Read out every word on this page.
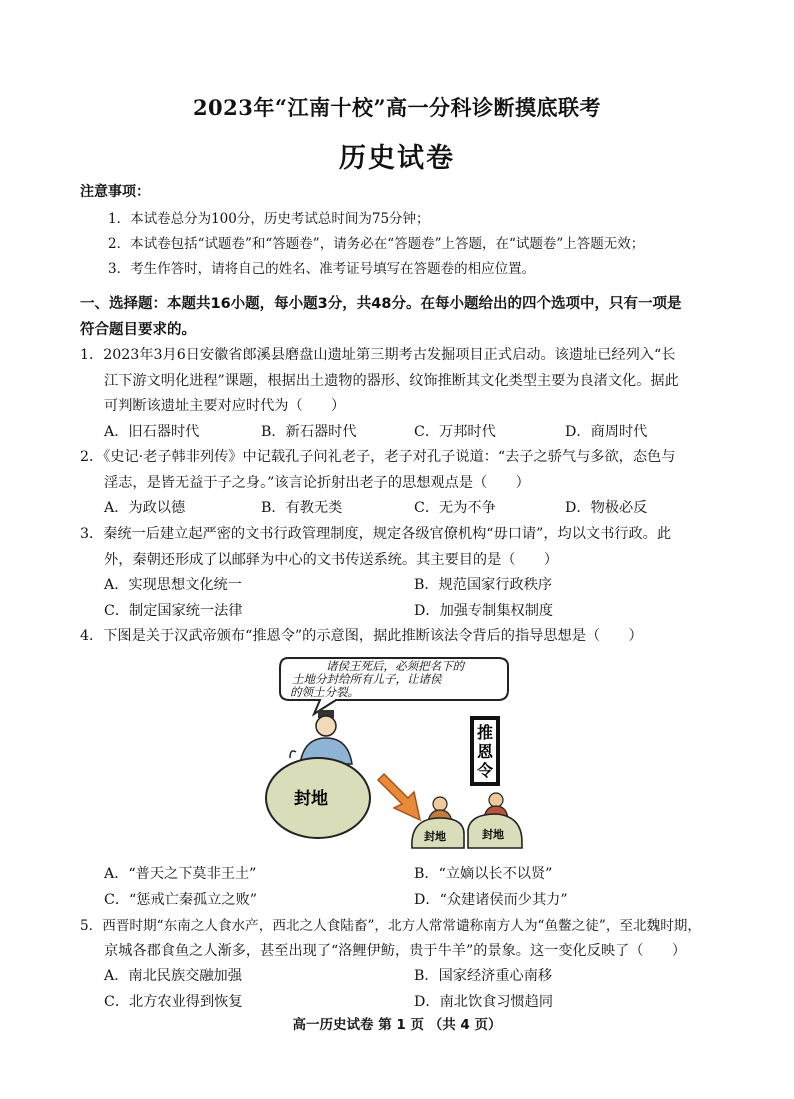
2023年“江南十校”高一分科诊断摸底联考
历史试卷
注意事项：
1．本试卷总分为100分，历史考试总时间为75分钟；
2．本试卷包括“试题卷”和“答题卷”，请务必在“答题卷”上答题，在“试题卷”上答题无效；
3．考生作答时，请将自己的姓名、准考证号填写在答题卷的相应位置。
一、选择题：本题共16小题，每小题3分，共48分。在每小题给出的四个选项中，只有一项是
符合题目要求的。
1．2023年3月6日安徽省郎溪县磨盘山遗址第三期考古发掘项目正式启动。该遗址已经列入“长
江下游文明化进程”课题，根据出土遗物的器形、纹饰推断其文化类型主要为良渚文化。据此
可判断该遗址主要对应时代为（　　）
A．旧石器时代	B．新石器时代	C．万邦时代	D．商周时代
2．《史记·老子韩非列传》中记载孔子问礼老子，老子对孔子说道：“去子之骄气与多欲，态色与
淫志，是皆无益于子之身。”该言论折射出老子的思想观点是（　　）
A．为政以德	B．有教无类	C．无为不争	D．物极必反
3．秦统一后建立起严密的文书行政管理制度，规定各级官僚机构“毋口请”，均以文书行政。此
外，秦朝还形成了以邮驿为中心的文书传送系统。其主要目的是（　　）
A．实现思想文化统一	B．规范国家行政秩序
C．制定国家统一法律	D．加强专制集权制度
4．下图是关于汉武帝颁布“推恩令”的示意图，据此推断该法令背后的指导思想是（　　）
诸侯王死后，必须把名下的
土地分封给所有儿子，让诸侯
的领土分裂。
封地
推 恩 令
封地	封地
A．“普天之下莫非王土”	B．“立嫡以长不以贤”
C．“惩戒亡秦孤立之败”	D．“众建诸侯而少其力”
5．西晋时期“东南之人食水产，西北之人食陆畜”，北方人常常谴称南方人为“鱼鳖之徒”，至北魏时期，
京城各郡食鱼之人渐多，甚至出现了“洛鲤伊鲂，贵于牛羊”的景象。这一变化反映了（　　）
A．南北民族交融加强	B．国家经济重心南移
C．北方农业得到恢复	D．南北饮食习惯趋同
高一历史试卷 第 1 页 （共 4 页）
